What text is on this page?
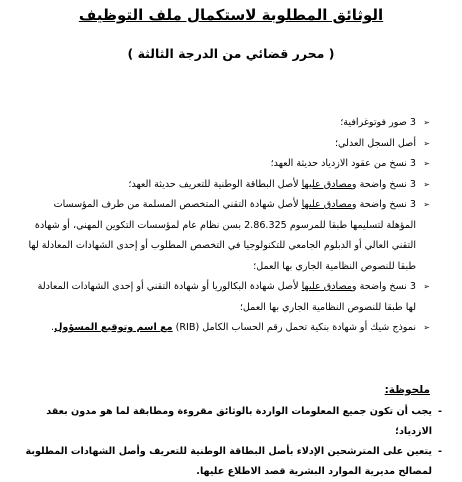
الوثائق المطلوبة لاستكمال ملف التوظيف
( محرر قضائي من الدرجة الثالثة )
➢ 3 صور فوتوغرافية؛
➢ أصل السجل العدلي؛
➢ 3 نسخ من عقود الازدياد حديثة العهد؛
➢ 3 نسخ واضحة ومصادق عليها لأصل البطاقة الوطنية للتعريف حديثة العهد؛
➢ 3 نسخ واضحة ومصادق عليها لأصل شهادة التقني المتخصص المسلمة من طرف المؤسسات المؤهلة لتسليمها طبقا للمرسوم 2.86.325 بسن نظام عام لمؤسسات التكوين المهني، أو شهادة التقني العالي أو الدبلوم الجامعي للتكنولوجيا في التخصص المطلوب أو إحدى الشهادات المعادلة لها طبقا للنصوص النظامية الجاري بها العمل؛
➢ 3 نسخ واضحة ومصادق عليها لأصل شهادة البكالوريا أو شهادة التقني أو إحدى الشهادات المعادلة لها طبقا للنصوص النظامية الجاري بها العمل؛
➢ نموذج شيك أو شهادة بنكية تحمل رقم الحساب الكامل (RIB) مع اسم وتوقيع المسؤول.
ملحوظة:
- يجب أن تكون جميع المعلومات الواردة بالوثائق مقروءة ومطابقة لما هو مدون بعقد الازدياد؛
- يتعين على المترشحين الإدلاء بأصل البطاقة الوطنية للتعريف وأصل الشهادات المطلوبة لمصالح مديرية الموارد البشرية قصد الاطلاع عليها.
